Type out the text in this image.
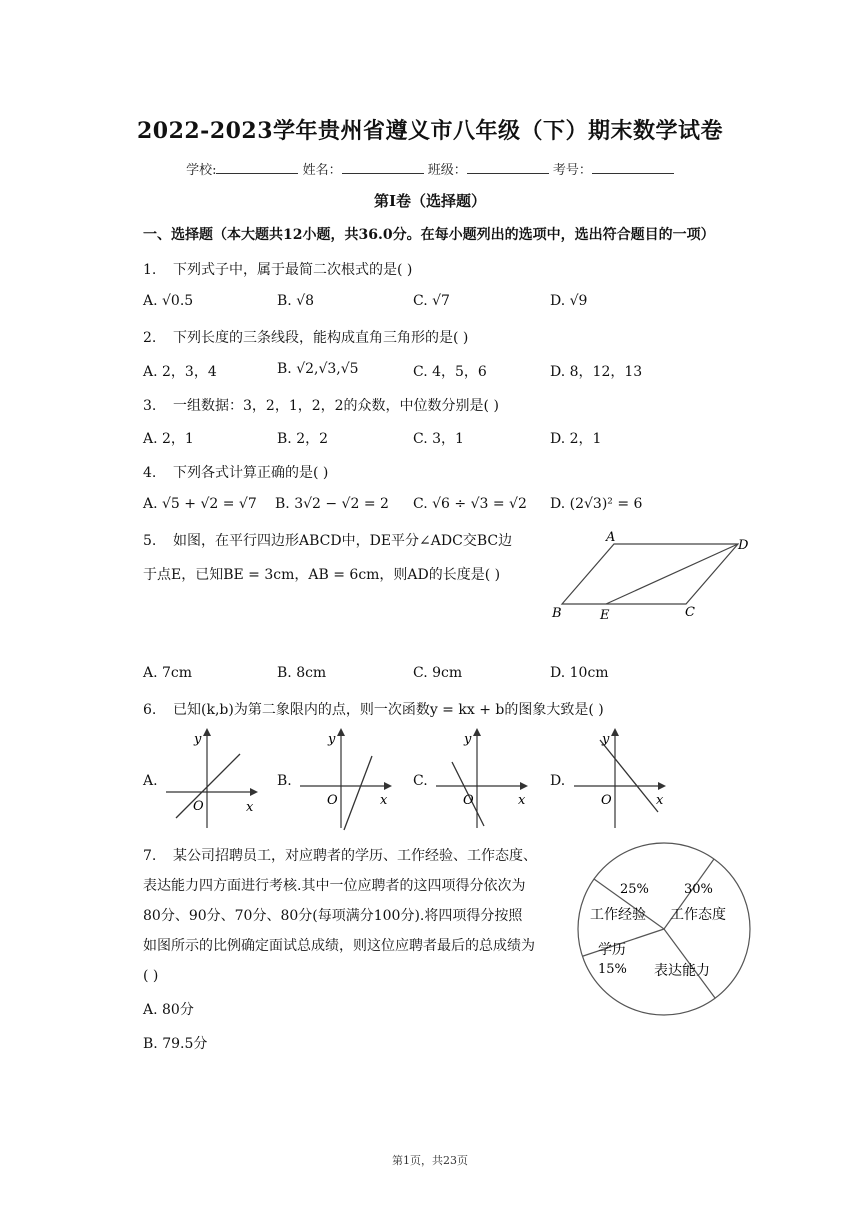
2022-2023学年贵州省遵义市八年级（下）期末数学试卷
学校:	姓名：	班级：	考号：
第I卷（选择题）
一、选择题（本大题共12小题，共36.0分。在每小题列出的选项中，选出符合题目的一项）
1. 下列式子中，属于最简二次根式的是( )
A. √0.5	B. √8	C. √7	D. √9
2. 下列长度的三条线段，能构成直角三角形的是( )
A. 2，3，4	B. √2,√3,√5	C. 4，5，6	D. 8，12，13
3. 一组数据：3，2，1，2，2的众数，中位数分别是( )
A. 2，1	B. 2，2	C. 3，1	D. 2，1
4. 下列各式计算正确的是( )
A. √5 + √2 = √7 B. 3√2 − √2 = 2 C. √6 ÷ √3 = √2 D. (2√3)² = 6
5. 如图，在平行四边形ABCD中，DE平分∠ADC交BC边
于点E，已知BE = 3cm，AB = 6cm，则AD的长度是( )
A
D
B	E	C
A. 7cm	B. 8cm	C. 9cm	D. 10cm
6. 已知(k,b)为第二象限内的点，则一次函数y = kx + b的图象大致是( )
A.	B.	C.	D.
y
x
O
y
x
O
y
x
O
y
x
O
7. 某公司招聘员工，对应聘者的学历、工作经验、工作态度、
表达能力四方面进行考核.其中一位应聘者的这四项得分依次为
80分、90分、70分、80分(每项满分100分).将四项得分按照
如图所示的比例确定面试总成绩，则这位应聘者最后的总成绩为
( )
A. 80分
B. 79.5分
25%
工作经验
30%
工作态度
表达能力
学历
15%
第1页，共23页
